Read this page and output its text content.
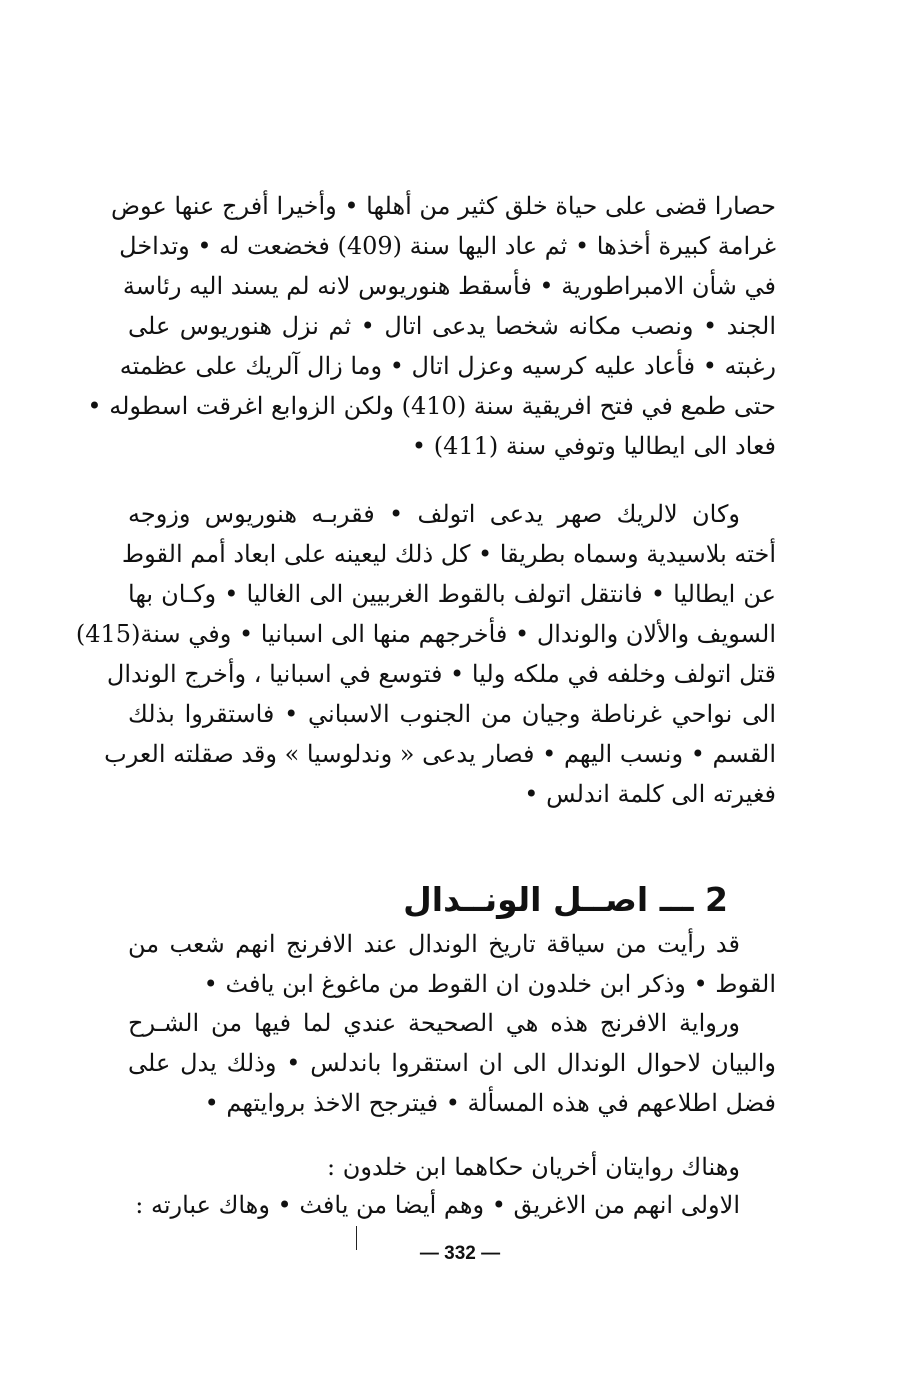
حصارا قضى على حياة خلق كثير من أهلها • وأخيرا أفرج عنها عوض
غرامة كبيرة أخذها • ثم عاد اليها سنة (409) فخضعت له • وتداخل
في شأن الامبراطورية • فأسقط هنوريوس لانه لم يسند اليه رئاسة
الجند • ونصب مكانه شخصا يدعى اتال • ثم نزل هنوريوس على
رغبته • فأعاد عليه كرسيه وعزل اتال • وما زال آلريك على عظمته
حتى طمع في فتح افريقية سنة (410) ولكن الزوابع اغرقت اسطوله •
فعاد الى ايطاليا وتوفي سنة (411) •
وكان لالريك صهر يدعى اتولف • فقربـه هنوريوس وزوجه
أخته بلاسيدية وسماه بطريقا • كل ذلك ليعينه على ابعاد أمم القوط
عن ايطاليا • فانتقل اتولف بالقوط الغربيين الى الغاليا • وكـان بها
السويف والألان والوندال • فأخرجهم منها الى اسبانيا • وفي سنة(415)
قتل اتولف وخلفه في ملكه وليا • فتوسع في اسبانيا ، وأخرج الوندال
الى نواحي غرناطة وجيان من الجنوب الاسباني • فاستقروا بذلك
القسم • ونسب اليهم • فصار يدعى « وندلوسيا » وقد صقلته العرب
فغيرته الى كلمة اندلس •
2 ـــ اصــل الونــدال
قد رأيت من سياقة تاريخ الوندال عند الافرنج انهم شعب من
القوط • وذكر ابن خلدون ان القوط من ماغوغ ابن يافث •
ورواية الافرنج هذه هي الصحيحة عندي لما فيها من الشـرح
والبيان لاحوال الوندال الى ان استقروا باندلس • وذلك يدل على
فضل اطلاعهم في هذه المسألة • فيترجح الاخذ بروايتهم •
وهناك روايتان أخريان حكاهما ابن خلدون :
الاولى انهم من الاغريق • وهم أيضا من يافث • وهاك عبارته :
— 332 —
